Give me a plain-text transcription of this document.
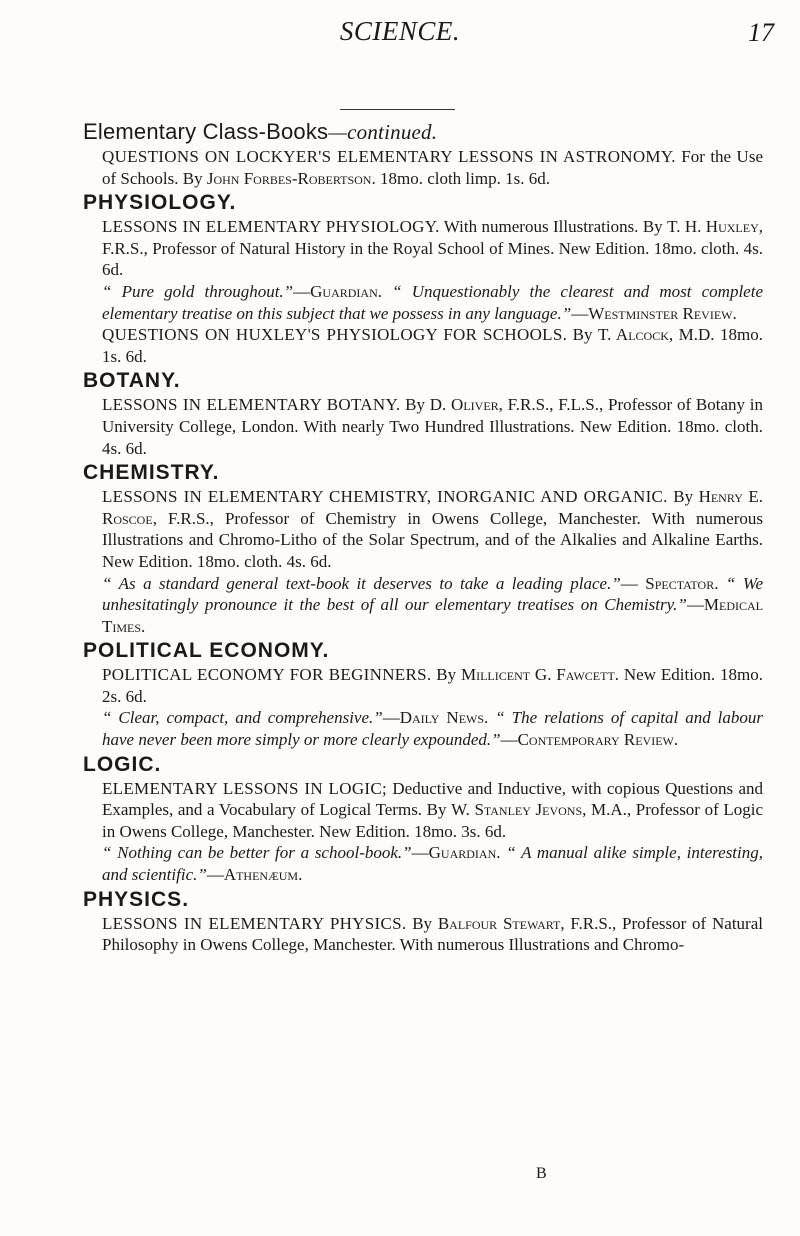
SCIENCE.	17

Elementary Class-Books—continued.

QUESTIONS ON LOCKYER'S ELEMENTARY LESSONS IN ASTRONOMY. For the Use of Schools. By John Forbes-Robertson. 18mo. cloth limp. 1s. 6d.

PHYSIOLOGY.

LESSONS IN ELEMENTARY PHYSIOLOGY. With numerous Illustrations. By T. H. Huxley, F.R.S., Professor of Natural History in the Royal School of Mines. New Edition. 18mo. cloth. 4s. 6d.

“ Pure gold throughout.”—Guardian. “ Unquestionably the clearest and most complete elementary treatise on this subject that we possess in any language.”—Westminster Review.

QUESTIONS ON HUXLEY'S PHYSIOLOGY FOR SCHOOLS. By T. Alcock, M.D. 18mo. 1s. 6d.

BOTANY.

LESSONS IN ELEMENTARY BOTANY. By D. Oliver, F.R.S., F.L.S., Professor of Botany in University College, London. With nearly Two Hundred Illustrations. New Edition. 18mo. cloth. 4s. 6d.

CHEMISTRY.

LESSONS IN ELEMENTARY CHEMISTRY, INORGANIC AND ORGANIC. By Henry E. Roscoe, F.R.S., Professor of Chemistry in Owens College, Manchester. With numerous Illustrations and Chromo-Litho of the Solar Spectrum, and of the Alkalies and Alkaline Earths. New Edition. 18mo. cloth. 4s. 6d.

“ As a standard general text-book it deserves to take a leading place.”— Spectator. “ We unhesitatingly pronounce it the best of all our elementary treatises on Chemistry.”—Medical Times.

POLITICAL ECONOMY.

POLITICAL ECONOMY FOR BEGINNERS. By Millicent G. Fawcett. New Edition. 18mo. 2s. 6d.

“ Clear, compact, and comprehensive.”—Daily News. “ The relations of capital and labour have never been more simply or more clearly expounded.”—Contemporary Review.

LOGIC.

ELEMENTARY LESSONS IN LOGIC; Deductive and Inductive, with copious Questions and Examples, and a Vocabulary of Logical Terms. By W. Stanley Jevons, M.A., Professor of Logic in Owens College, Manchester. New Edition. 18mo. 3s. 6d.

“ Nothing can be better for a school-book.”—Guardian. “ A manual alike simple, interesting, and scientific.”—Athenæum.

PHYSICS.

LESSONS IN ELEMENTARY PHYSICS. By Balfour Stewart, F.R.S., Professor of Natural Philosophy in Owens College, Manchester. With numerous Illustrations and Chromo-

B
